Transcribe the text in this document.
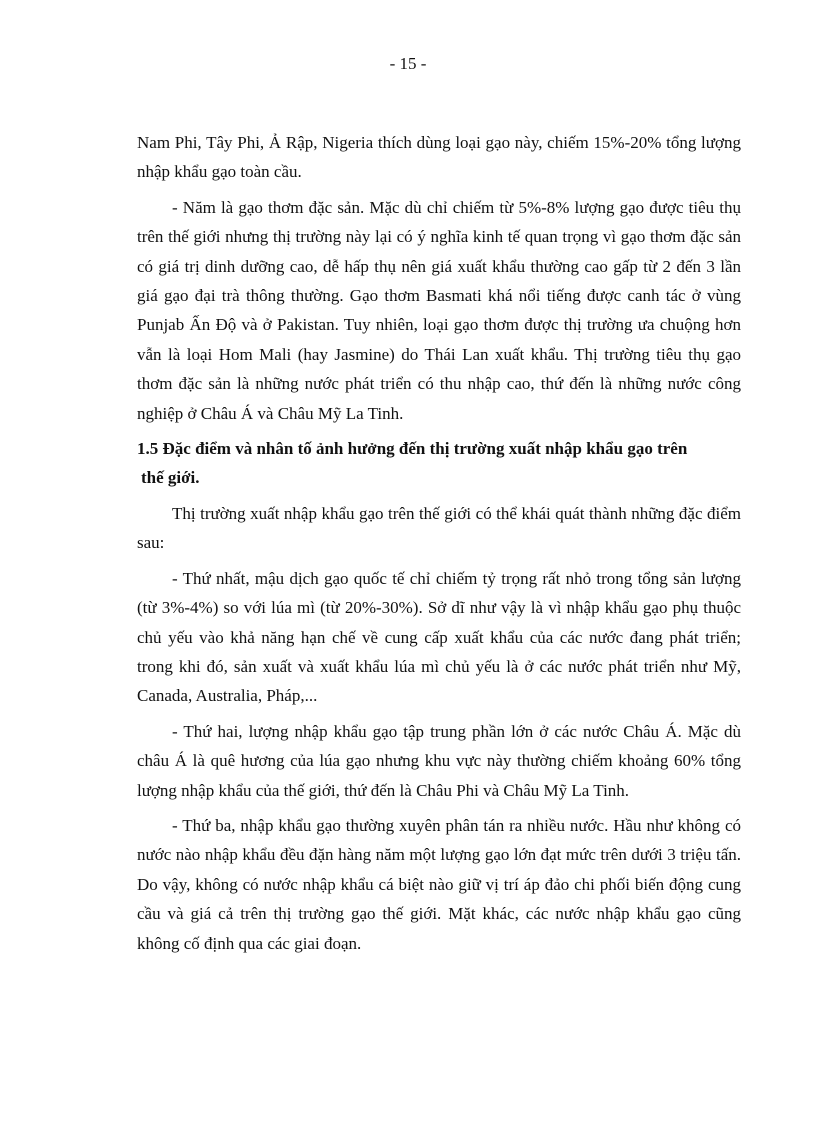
- 15 -

Nam Phi, Tây Phi, Ả Rập, Nigeria thích dùng loại gạo này, chiếm 15%-20% tổng lượng nhập khẩu gạo toàn cầu.

- Năm là gạo thơm đặc sản. Mặc dù chỉ chiếm từ 5%-8% lượng gạo được tiêu thụ trên thế giới nhưng thị trường này lại có ý nghĩa kinh tế quan trọng vì gạo thơm đặc sản có giá trị dinh dưỡng cao, dễ hấp thụ nên giá xuất khẩu thường cao gấp từ 2 đến 3 lần giá gạo đại trà thông thường. Gạo thơm Basmati khá nổi tiếng được canh tác ở vùng Punjab Ấn Độ và ở Pakistan. Tuy nhiên, loại gạo thơm được thị trường ưa chuộng hơn vẫn là loại Hom Mali (hay Jasmine) do Thái Lan xuất khẩu. Thị trường tiêu thụ gạo thơm đặc sản là những nước phát triển có thu nhập cao, thứ đến là những nước công nghiệp ở Châu Á và Châu Mỹ La Tinh.

1.5 Đặc điểm và nhân tố ảnh hưởng đến thị trường xuất nhập khẩu gạo trên
thế giới.

Thị trường xuất nhập khẩu gạo trên thế giới có thể khái quát thành những đặc điểm sau:

- Thứ nhất, mậu dịch gạo quốc tế chỉ chiếm tỷ trọng rất nhỏ trong tổng sản lượng (từ 3%-4%) so với lúa mì (từ 20%-30%). Sở dĩ như vậy là vì nhập khẩu gạo phụ thuộc chủ yếu vào khả năng hạn chế về cung cấp xuất khẩu của các nước đang phát triển; trong khi đó, sản xuất và xuất khẩu lúa mì chủ yếu là ở các nước phát triển như Mỹ, Canada, Australia, Pháp,...

- Thứ hai, lượng nhập khẩu gạo tập trung phần lớn ở các nước Châu Á. Mặc dù châu Á là quê hương của lúa gạo nhưng khu vực này thường chiếm khoảng 60% tổng lượng nhập khẩu của thế giới, thứ đến là Châu Phi và Châu Mỹ La Tinh.

- Thứ ba, nhập khẩu gạo thường xuyên phân tán ra nhiều nước. Hầu như không có nước nào nhập khẩu đều đặn hàng năm một lượng gạo lớn đạt mức trên dưới 3 triệu tấn. Do vậy, không có nước nhập khẩu cá biệt nào giữ vị trí áp đảo chi phối biến động cung cầu và giá cả trên thị trường gạo thế giới. Mặt khác, các nước nhập khẩu gạo cũng không cố định qua các giai đoạn.
